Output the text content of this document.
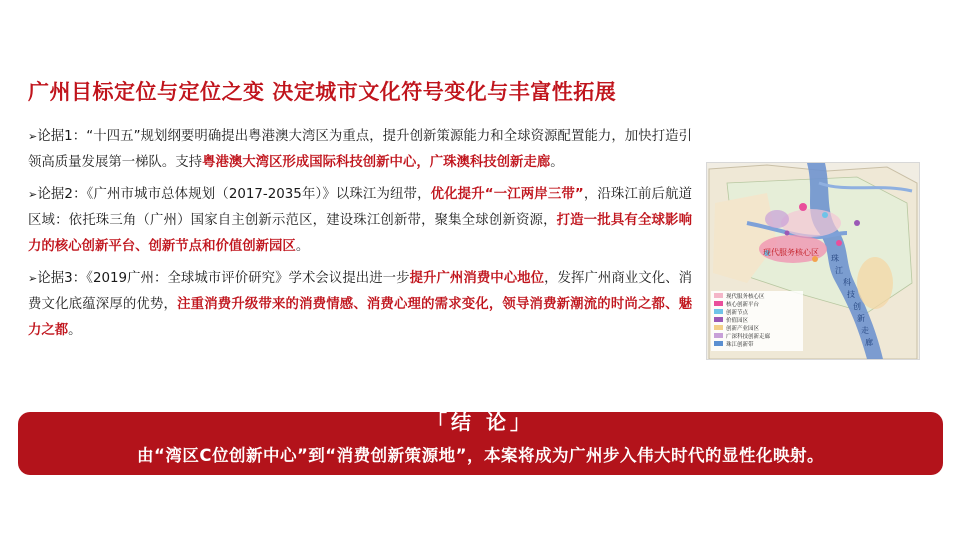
广州目标定位与定位之变 决定城市文化符号变化与丰富性拓展
➢论据1：“十四五”规划纲要明确提出粤港澳大湾区为重点，提升创新策源能力和全球资源配置能力，加快打造引领高质量发展第一梯队。支持粤港澳大湾区形成国际科技创新中心，广珠澳科技创新走廊。
➢论据2：《广州市城市总体规划（2017-2035年）》以珠江为纽带，优化提升“一江两岸三带”，沿珠江前后航道区域：依托珠三角（广州）国家自主创新示范区，建设珠江创新带，聚集全球创新资源，打造一批具有全球影响力的核心创新平台、创新节点和价值创新园区。
➢论据3：《2019广州：全球城市评价研究》学术会议提出进一步提升广州消费中心地位，发挥广州商业文化、消费文化底蕴深厚的优势，注重消费升级带来的消费情感、消费心理的需求变化，领导消费新潮流的时尚之都、魅力之都。
现代服务核心区
珠
江
科
技
创
新
走
廊
现代服务核心区
核心创新平台
创新节点
价值园区
创新产业园区
广深科技创新走廊
珠江创新带
「结 论」
由“湾区C位创新中心”到“消费创新策源地”，本案将成为广州步入伟大时代的显性化映射。
